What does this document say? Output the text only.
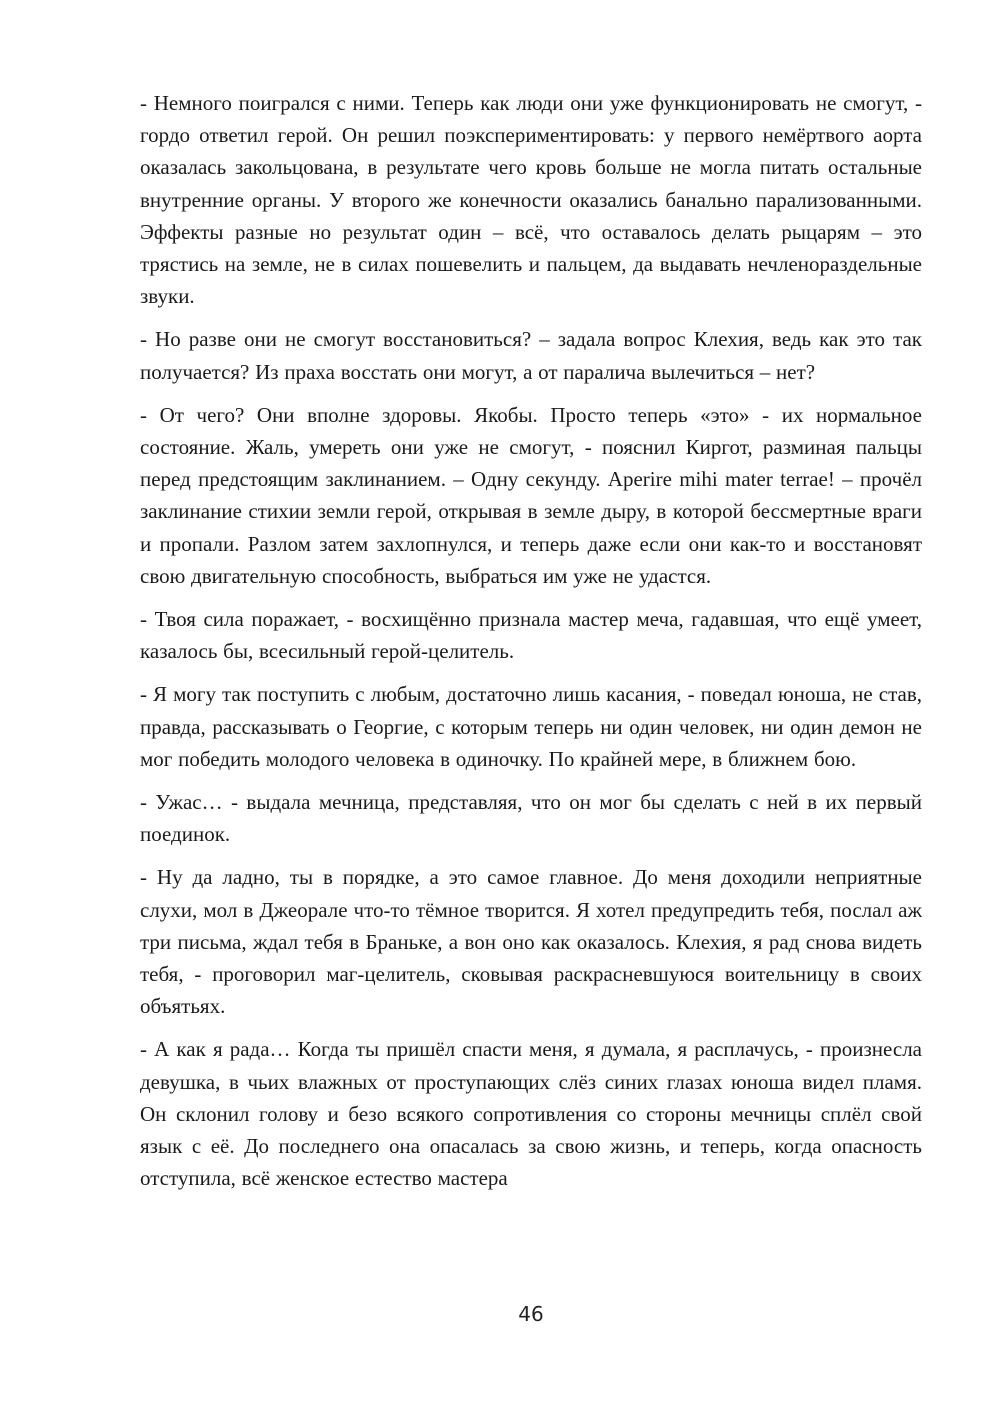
- Немного поигрался с ними. Теперь как люди они уже функционировать не смогут, - гордо ответил герой. Он решил поэкспериментировать: у первого немёртвого аорта оказалась закольцована, в результате чего кровь больше не могла питать остальные внутренние органы. У второго же конечности оказались банально парализованными. Эффекты разные но результат один – всё, что оставалось делать рыцарям – это трястись на земле, не в силах пошевелить и пальцем, да выдавать нечленораздельные звуки.

- Но разве они не смогут восстановиться? – задала вопрос Клехия, ведь как это так получается? Из праха восстать они могут, а от паралича вылечиться – нет?

- От чего? Они вполне здоровы. Якобы. Просто теперь «это» - их нормальное состояние. Жаль, умереть они уже не смогут, - пояснил Киргот, разминая пальцы перед предстоящим заклинанием. – Одну секунду. Aperire mihi mater terrae! – прочёл заклинание стихии земли герой, открывая в земле дыру, в которой бессмертные враги и пропали. Разлом затем захлопнулся, и теперь даже если они как-то и восстановят свою двигательную способность, выбраться им уже не удастся.

- Твоя сила поражает, - восхищённо признала мастер меча, гадавшая, что ещё умеет, казалось бы, всесильный герой-целитель.

- Я могу так поступить с любым, достаточно лишь касания, - поведал юноша, не став, правда, рассказывать о Георгие, с которым теперь ни один человек, ни один демон не мог победить молодого человека в одиночку. По крайней мере, в ближнем бою.

- Ужас… - выдала мечница, представляя, что он мог бы сделать с ней в их первый поединок.

- Ну да ладно, ты в порядке, а это самое главное. До меня доходили неприятные слухи, мол в Джеорале что-то тёмное творится. Я хотел предупредить тебя, послал аж три письма, ждал тебя в Браньке, а вон оно как оказалось. Клехия, я рад снова видеть тебя, - проговорил маг-целитель, сковывая раскрасневшуюся воительницу в своих объятьях.

- А как я рада… Когда ты пришёл спасти меня, я думала, я расплачусь, - произнесла девушка, в чьих влажных от проступающих слёз синих глазах юноша видел пламя. Он склонил голову и безо всякого сопротивления со стороны мечницы сплёл свой язык с её. До последнего она опасалась за свою жизнь, и теперь, когда опасность отступила, всё женское естество мастера

46
